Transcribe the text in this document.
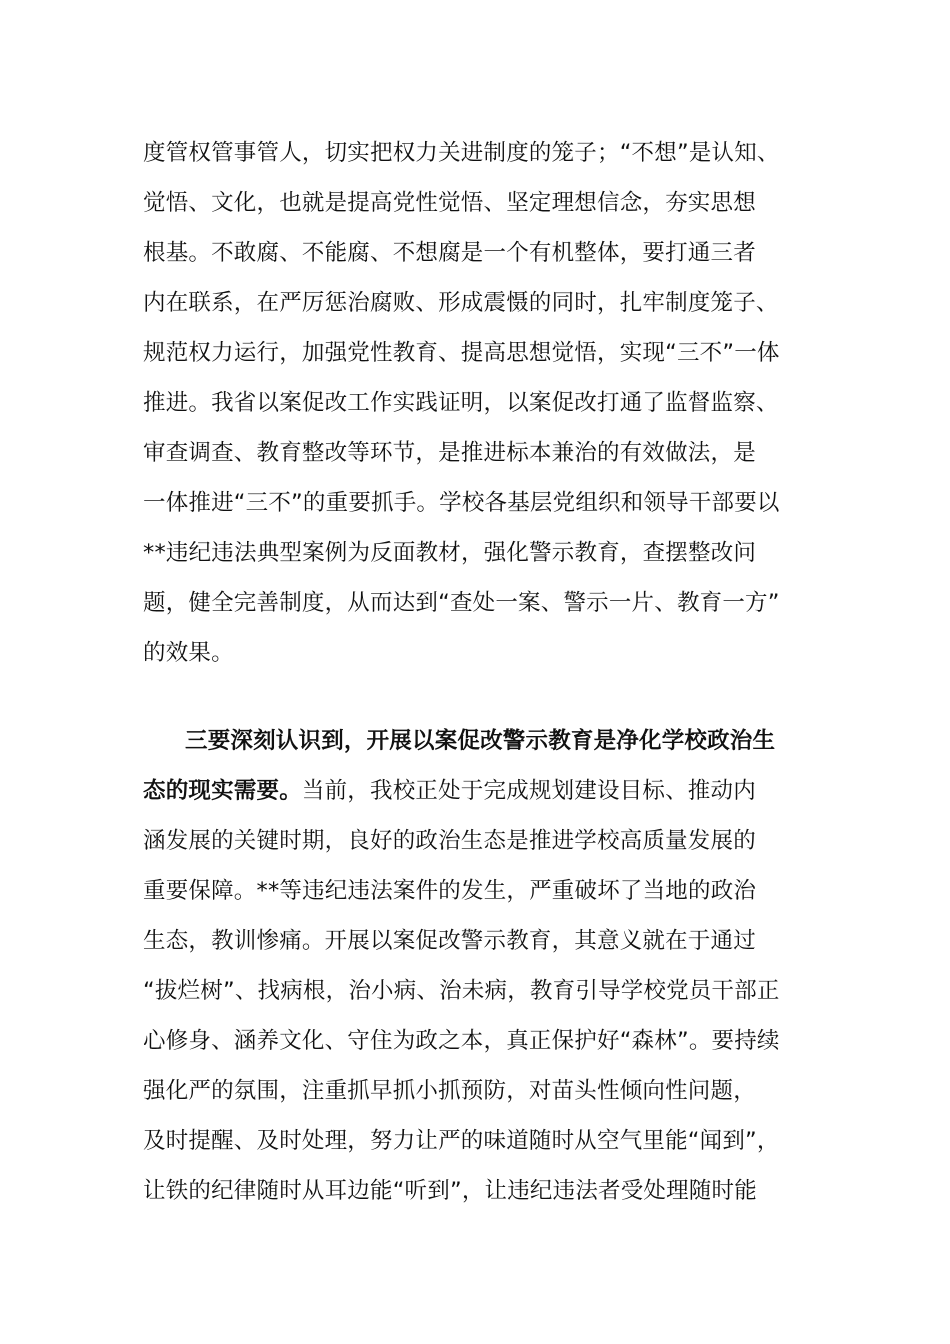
度管权管事管人，切实把权力关进制度的笼子；“不想”是认知、
觉悟、文化，也就是提高党性觉悟、坚定理想信念，夯实思想
根基。不敢腐、不能腐、不想腐是一个有机整体，要打通三者
内在联系，在严厉惩治腐败、形成震慑的同时，扎牢制度笼子、
规范权力运行，加强党性教育、提高思想觉悟，实现“三不”一体
推进。我省以案促改工作实践证明，以案促改打通了监督监察、
审查调查、教育整改等环节，是推进标本兼治的有效做法，是
一体推进“三不”的重要抓手。学校各基层党组织和领导干部要以
**违纪违法典型案例为反面教材，强化警示教育，查摆整改问
题，健全完善制度，从而达到“查处一案、警示一片、教育一方”
的效果。
三要深刻认识到，开展以案促改警示教育是净化学校政治生
态的现实需要。当前，我校正处于完成规划建设目标、推动内
涵发展的关键时期，良好的政治生态是推进学校高质量发展的
重要保障。**等违纪违法案件的发生，严重破坏了当地的政治
生态，教训惨痛。开展以案促改警示教育，其意义就在于通过
“拔烂树”、找病根，治小病、治未病，教育引导学校党员干部正
心修身、涵养文化、守住为政之本，真正保护好“森林”。要持续
强化严的氛围，注重抓早抓小抓预防，对苗头性倾向性问题，
及时提醒、及时处理，努力让严的味道随时从空气里能“闻到”，
让铁的纪律随时从耳边能“听到”，让违纪违法者受处理随时能
